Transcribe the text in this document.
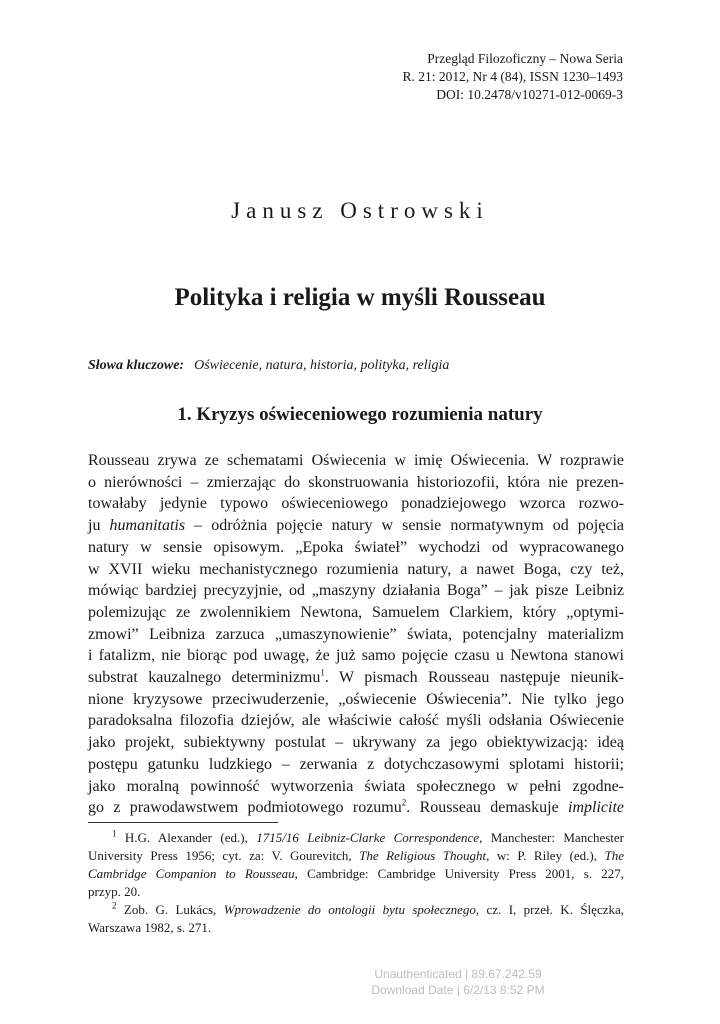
Przegląd Filozoficzny – Nowa Seria
R. 21: 2012, Nr 4 (84), ISSN 1230–1493
DOI: 10.2478/v10271-012-0069-3
Janusz Ostrowski
Polityka i religia w myśli Rousseau
Słowa kluczowe: Oświecenie, natura, historia, polityka, religia
1. Kryzys oświeceniowego rozumienia natury
Rousseau zrywa ze schematami Oświecenia w imię Oświecenia. W rozprawie
o nierówności – zmierzając do skonstruowania historiozofii, która nie prezen-
towałaby jedynie typowo oświeceniowego ponadziejowego wzorca rozwo-
ju humanitatis – odróżnia pojęcie natury w sensie normatywnym od pojęcia
natury w sensie opisowym. „Epoka świateł” wychodzi od wypracowanego
w XVII wieku mechanistycznego rozumienia natury, a nawet Boga, czy też,
mówiąc bardziej precyzyjnie, od „maszyny działania Boga” – jak pisze Leibniz
polemizując ze zwolennikiem Newtona, Samuelem Clarkiem, który „optymi-
zmowi” Leibniza zarzuca „umaszynowienie” świata, potencjalny materializm
i fatalizm, nie biorąc pod uwagę, że już samo pojęcie czasu u Newtona stanowi
substrat kauzalnego determinizmu$^1$. W pismach Rousseau następuje nieunik-
nione kryzysowe przeciwuderzenie, „oświecenie Oświecenia”. Nie tylko jego
paradoksalna filozofia dziejów, ale właściwie całość myśli odsłania Oświecenie
jako projekt, subiektywny postulat – ukrywany za jego obiektywizacją: ideą
postępu gatunku ludzkiego – zerwania z dotychczasowymi splotami historii;
jako moralną powinność wytworzenia świata społecznego w pełni zgodne-
go z prawodawstwem podmiotowego rozumu$^2$. Rousseau demaskuje implicite
$^1$ H.G. Alexander (ed.), 1715/16 Leibniz-Clarke Correspondence, Manchester: Manchester
University Press 1956; cyt. za: V. Gourevitch, The Religious Thought, w: P. Riley (ed.), The
Cambridge Companion to Rousseau, Cambridge: Cambridge University Press 2001, s. 227,
przyp. 20.
$^2$ Zob. G. Lukács, Wprowadzenie do ontologii bytu społecznego, cz. I, przeł. K. Ślęczka,
Warszawa 1982, s. 271.
Unauthenticated | 89.67.242.59
Download Date | 6/2/13 8:52 PM
